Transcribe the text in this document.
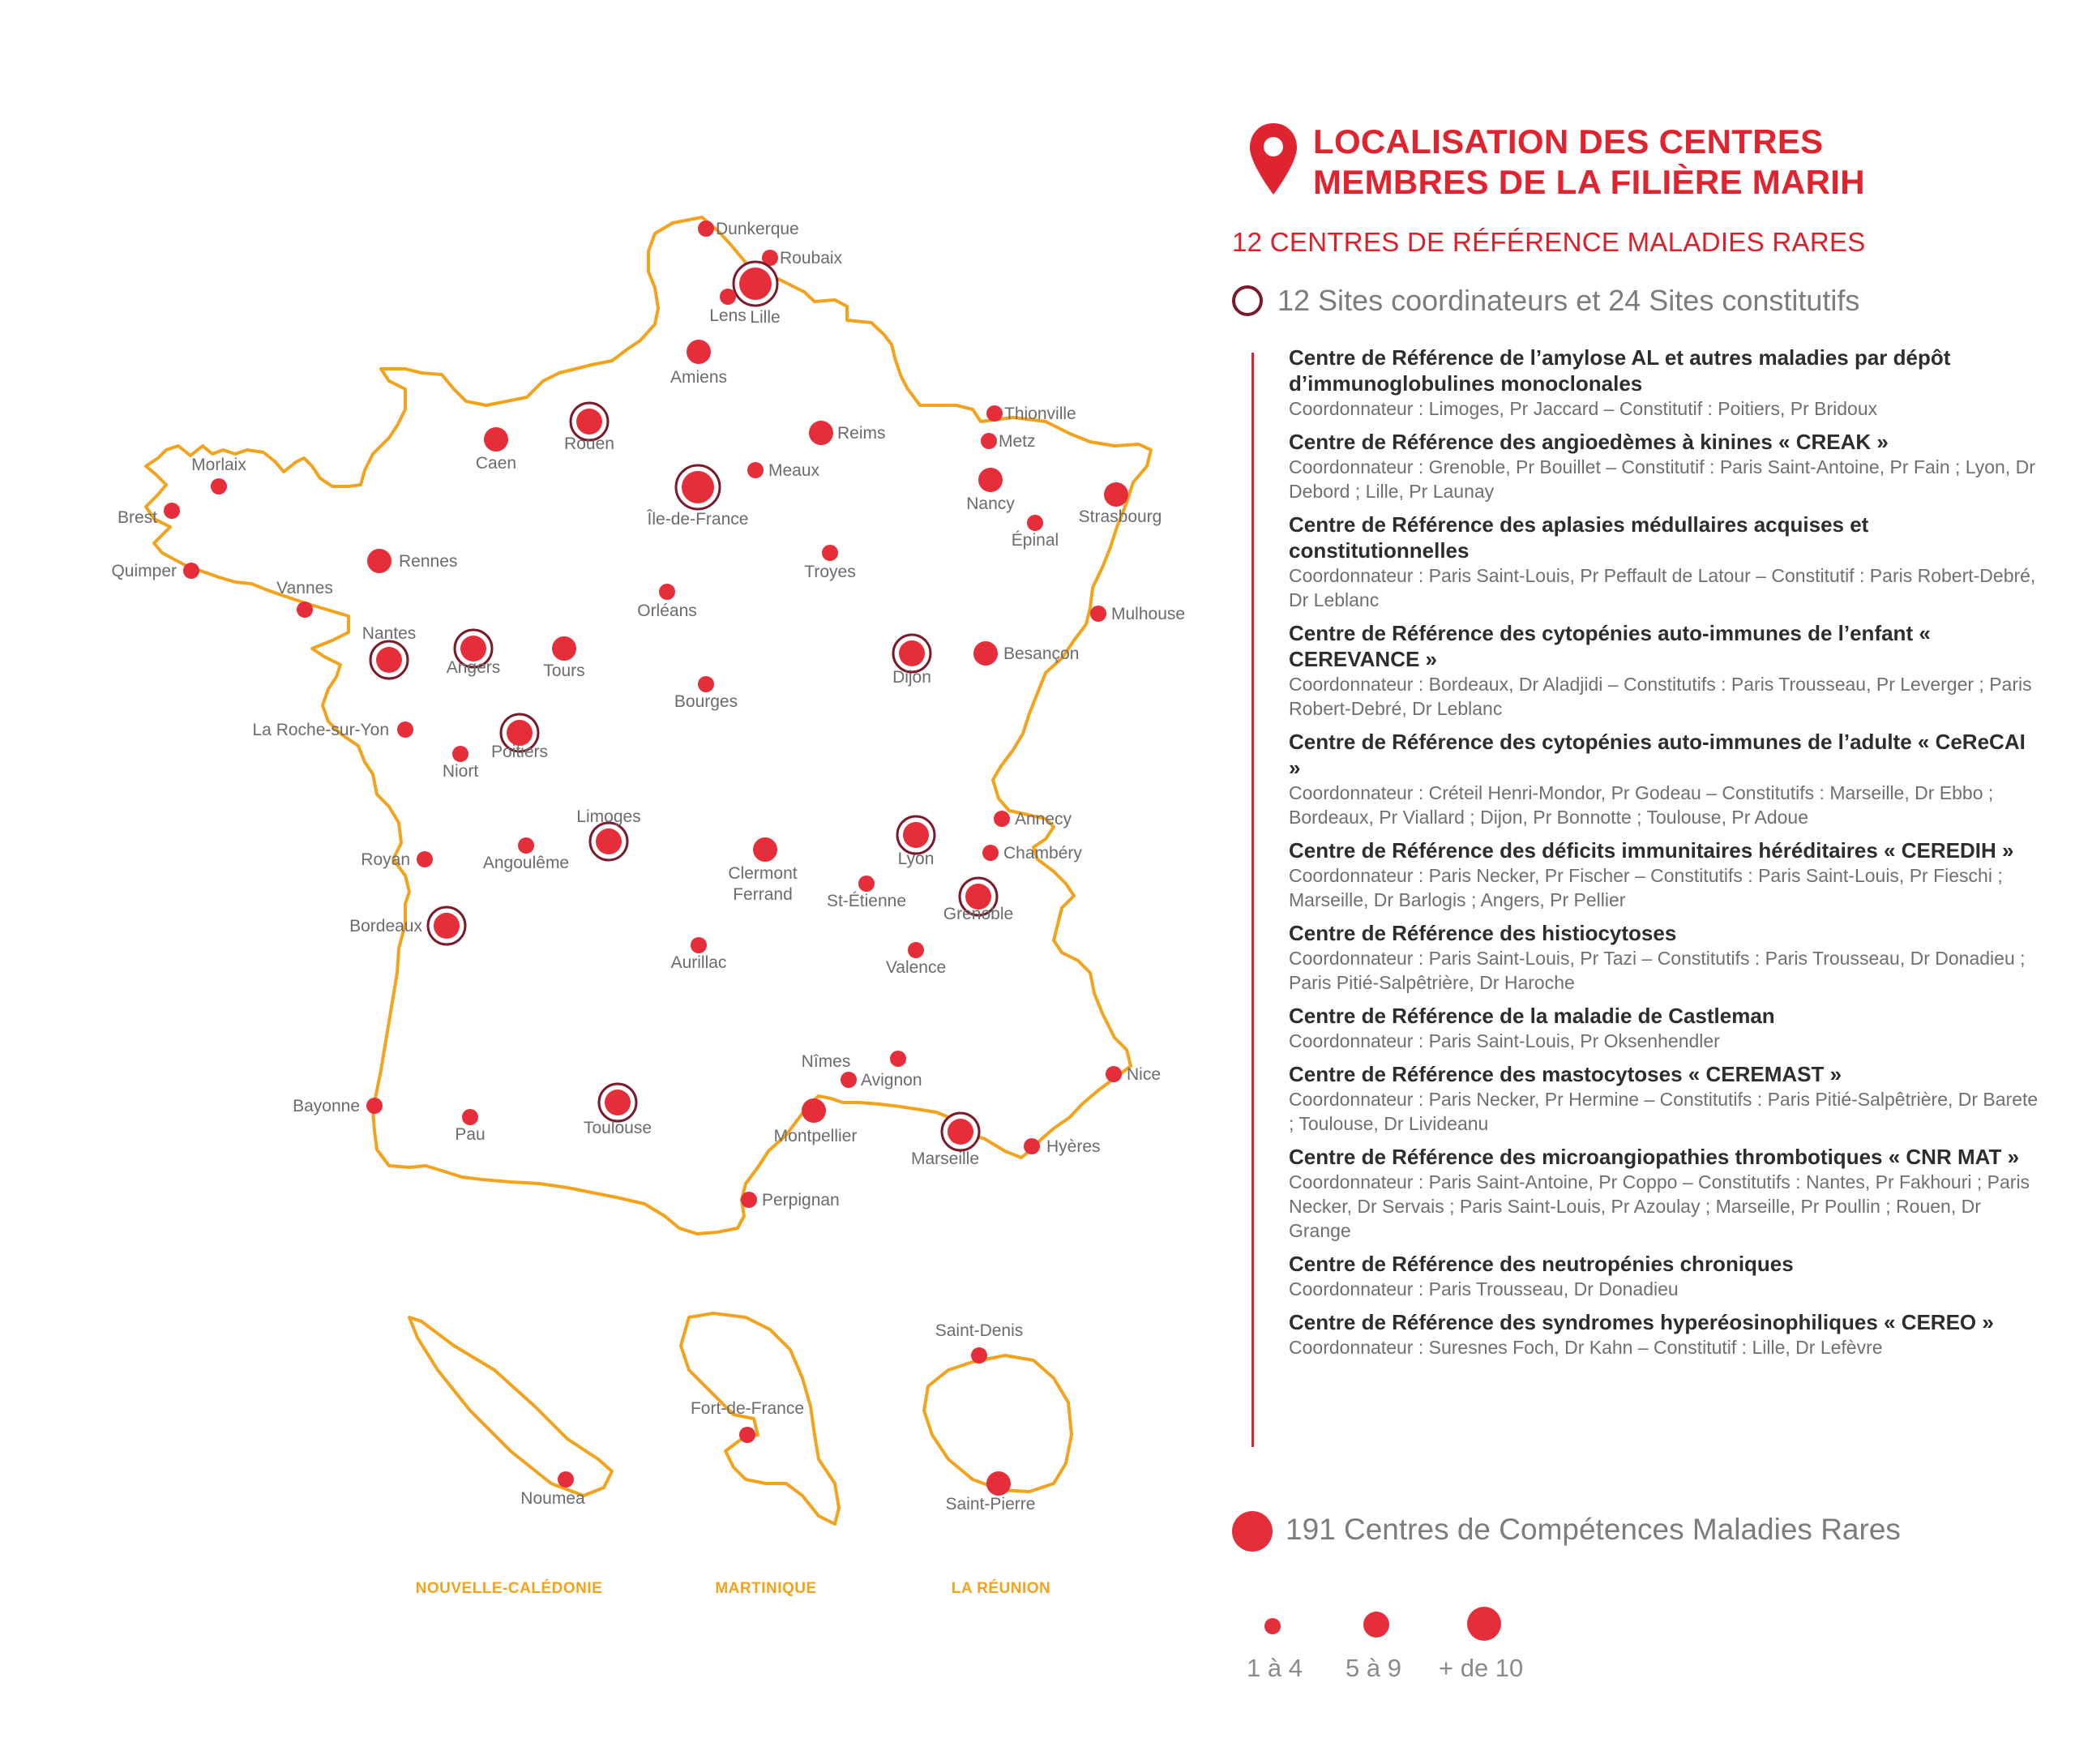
Dunkerque
Roubaix
Lille
Lens
Amiens
Thionville
Metz
Reims
Rouen
Caen	Meaux
Île-de-France
Nancy
Strasbourg
Épinal
Morlaix
Brest
Quimper
Rennes
Vannes
Troyes
Orléans	Mulhouse
Nantes
Angers	Tours	Dijon
Besançon
Bourges
La Roche-sur-Yon
Poitiers
Niort
Annecy
Chambéry
Limoges
Lyon
Royan	Angoulême
Clermont Ferrand St-Étienne
Grenoble
Bordeaux
Aurillac	Valence
Nîmes
Avignon	Nice
Bayonne
Pau	Toulouse	Montpellier
Marseille
Hyères
Perpignan
Noumea
Fort-de-France
Saint-Denis
Saint-Pierre
NOUVELLE-CALÉDONIE	MARTINIQUE	LA RÉUNION
LOCALISATION DES CENTRES
MEMBRES DE LA FILIÈRE MARIH
12 CENTRES DE RÉFÉRENCE MALADIES RARES
12 Sites coordinateurs et 24 Sites constitutifs
Centre de Référence de l’amylose AL et autres maladies par dépôt d’immunoglobulines monoclonales
Coordonnateur : Limoges, Pr Jaccard – Constitutif : Poitiers, Pr Bridoux
Centre de Référence des angioedèmes à kinines « CREAK »
Coordonnateur : Grenoble, Pr Bouillet – Constitutif : Paris Saint-Antoine, Pr Fain ; Lyon, Dr Debord ; Lille, Pr Launay
Centre de Référence des aplasies médullaires acquises et constitutionnelles
Coordonnateur : Paris Saint-Louis, Pr Peffault de Latour – Constitutif : Paris Robert-Debré, Dr Leblanc
Centre de Référence des cytopénies auto-immunes de l’enfant « CEREVANCE »
Coordonnateur : Bordeaux, Dr Aladjidi – Constitutifs : Paris Trousseau, Pr Leverger ; Paris Robert-Debré, Dr Leblanc
Centre de Référence des cytopénies auto-immunes de l’adulte « CeReCAI »
Coordonnateur : Créteil Henri-Mondor, Pr Godeau – Constitutifs : Marseille, Dr Ebbo ; Bordeaux, Pr Viallard ; Dijon, Pr Bonnotte ; Toulouse, Pr Adoue
Centre de Référence des déficits immunitaires héréditaires « CEREDIH »
Coordonnateur : Paris Necker, Pr Fischer – Constitutifs : Paris Saint-Louis, Pr Fieschi ; Marseille, Dr Barlogis ; Angers, Pr Pellier
Centre de Référence des histiocytoses
Coordonnateur : Paris Saint-Louis, Pr Tazi – Constitutifs : Paris Trousseau, Dr Donadieu ; Paris Pitié-Salpêtrière, Dr Haroche
Centre de Référence de la maladie de Castleman
Coordonnateur : Paris Saint-Louis, Pr Oksenhendler
Centre de Référence des mastocytoses « CEREMAST »
Coordonnateur : Paris Necker, Pr Hermine – Constitutifs : Paris Pitié-Salpêtrière, Dr Barete ; Toulouse, Dr Livideanu
Centre de Référence des microangiopathies thrombotiques « CNR MAT »
Coordonnateur : Paris Saint-Antoine, Pr Coppo – Constitutifs : Nantes, Pr Fakhouri ; Paris Necker, Dr Servais ; Paris Saint-Louis, Pr Azoulay ; Marseille, Pr Poullin ; Rouen, Dr Grange
Centre de Référence des neutropénies chroniques
Coordonnateur : Paris Trousseau, Dr Donadieu
Centre de Référence des syndromes hyperéosinophiliques « CEREO »
Coordonnateur : Suresnes Foch, Dr Kahn – Constitutif : Lille, Dr Lefèvre
191 Centres de Compétences Maladies Rares
1 à 4 5 à 9 + de 10
